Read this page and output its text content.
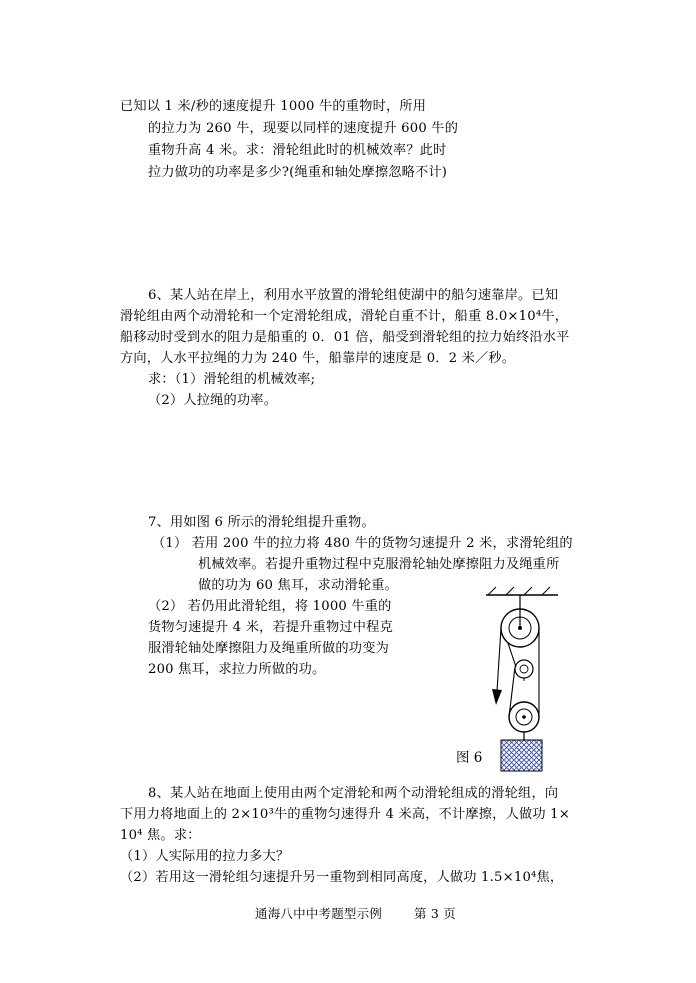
已知以 1 米/秒的速度提升 1000 牛的重物时，所用
的拉力为 260 牛，现要以同样的速度提升 600 牛的
重物升高 4 米。求：滑轮组此时的机械效率？此时
拉力做功的功率是多少?(绳重和轴处摩擦忽略不计)
6、某人站在岸上，利用水平放置的滑轮组使湖中的船匀速靠岸。已知
滑轮组由两个动滑轮和一个定滑轮组成，滑轮自重不计，船重 8.0×10⁴牛，
船移动时受到水的阻力是船重的 0．01 倍，船受到滑轮组的拉力始终沿水平
方向，人水平拉绳的力为 240 牛，船靠岸的速度是 0．2 米／秒。
求：（1）滑轮组的机械效率;
（2）人拉绳的功率。
7、用如图 6 所示的滑轮组提升重物。
（1） 若用 200 牛的拉力将 480 牛的货物匀速提升 2 米，求滑轮组的
机械效率。若提升重物过程中克服滑轮轴处摩擦阻力及绳重所
做的功为 60 焦耳，求动滑轮重。
（2） 若仍用此滑轮组，将 1000 牛重的
货物匀速提升 4 米，若提升重物过中程克
服滑轮轴处摩擦阻力及绳重所做的功变为
200 焦耳，求拉力所做的功。
图 6
8、某人站在地面上使用由两个定滑轮和两个动滑轮组成的滑轮组，向
下用力将地面上的 2×10³牛的重物匀速得升 4 米高，不计摩擦，人做功 1×
10⁴ 焦。求：
（1）人实际用的拉力多大？
（2）若用这一滑轮组匀速提升另一重物到相同高度，人做功 1.5×10⁴焦，
通海八中中考题型示例	第 3 页
